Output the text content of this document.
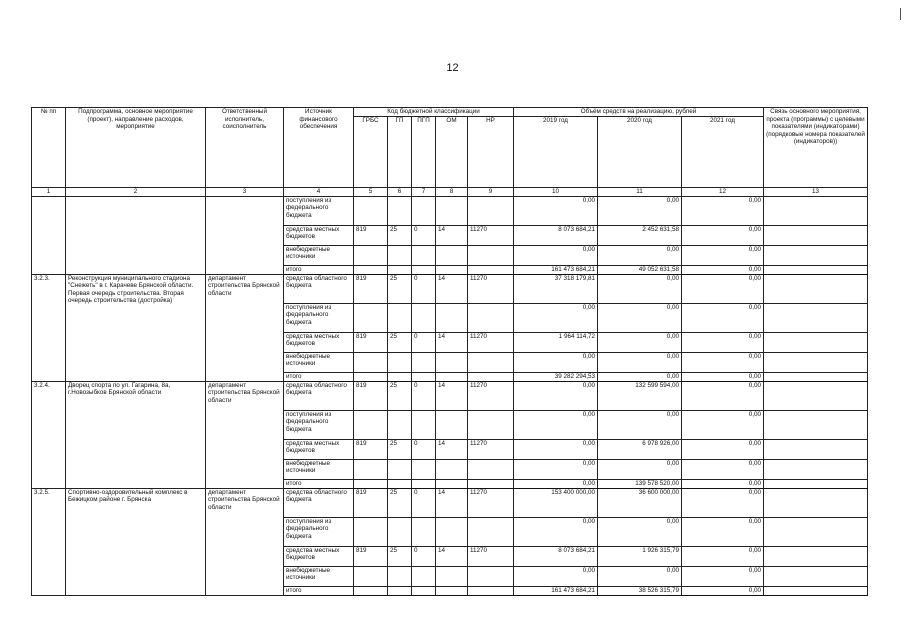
12
№ пп	Подпрограмма, основное мероприятие (проект), направление расходов, мероприятие	Ответственный исполнитель, соисполнитель	Источник финансового обеспечения	Код бюджетной классификации					Объём средств на реализацию, рублей			Связь основного мероприятия, проекта (программы) с целевыми показателями (индикаторами) (порядковые номера показателей (индикаторов))
				ГРБС	ГП	ПГП	ОМ	НР	2019 год	2020 год	2021 год	
1	2	3	4	5	6	7	8	9	10	11	12	13
			поступления из федерального бюджета						0,00	0,00	0,00	
			средства местных бюджетов	819	25	0	14	11270	8 073 684,21	2 452 631,58	0,00	
			внебюджетные источники						0,00	0,00	0,00	
			итого						161 473 684,21	49 052 631,58	0,00	
3.2.3.	Реконструкция муниципального стадиона "Снежеть" в г. Карачеве Брянской области. Первая очередь строительства. Вторая очередь строительства (достройка)	департамент строительства Брянской области	средства областного бюджета	819	25	0	14	11270	37 318 179,81	0,00	0,00	
			поступления из федерального бюджета						0,00	0,00	0,00	
			средства местных бюджетов	819	25	0	14	11270	1 964 114,72	0,00	0,00	
			внебюджетные источники						0,00	0,00	0,00	
			итого						39 282 294,53	0,00	0,00	
3.2.4.	Дворец спорта по ул. Гагарина, 8а, г.Новозыбков Брянской области	департамент строительства Брянской области	средства областного бюджета	819	25	0	14	11270	0,00	132 599 594,00	0,00	
			поступления из федерального бюджета						0,00	0,00	0,00	
			средства местных бюджетов	819	25	0	14	11270	0,00	6 978 926,00	0,00	
			внебюджетные источники						0,00	0,00	0,00	
			итого						0,00	139 578 520,00	0,00	
3.2.5.	Спортивно-оздоровительный комплекс в Бежицком районе г. Брянска	департамент строительства Брянской области	средства областного бюджета	819	25	0	14	11270	153 400 000,00	36 600 000,00	0,00	
			поступления из федерального бюджета						0,00	0,00	0,00	
			средства местных бюджетов	819	25	0	14	11270	8 073 684,21	1 926 315,79	0,00	
			внебюджетные источники						0,00	0,00	0,00	
			итого						161 473 684,21	38 526 315,79	0,00	
